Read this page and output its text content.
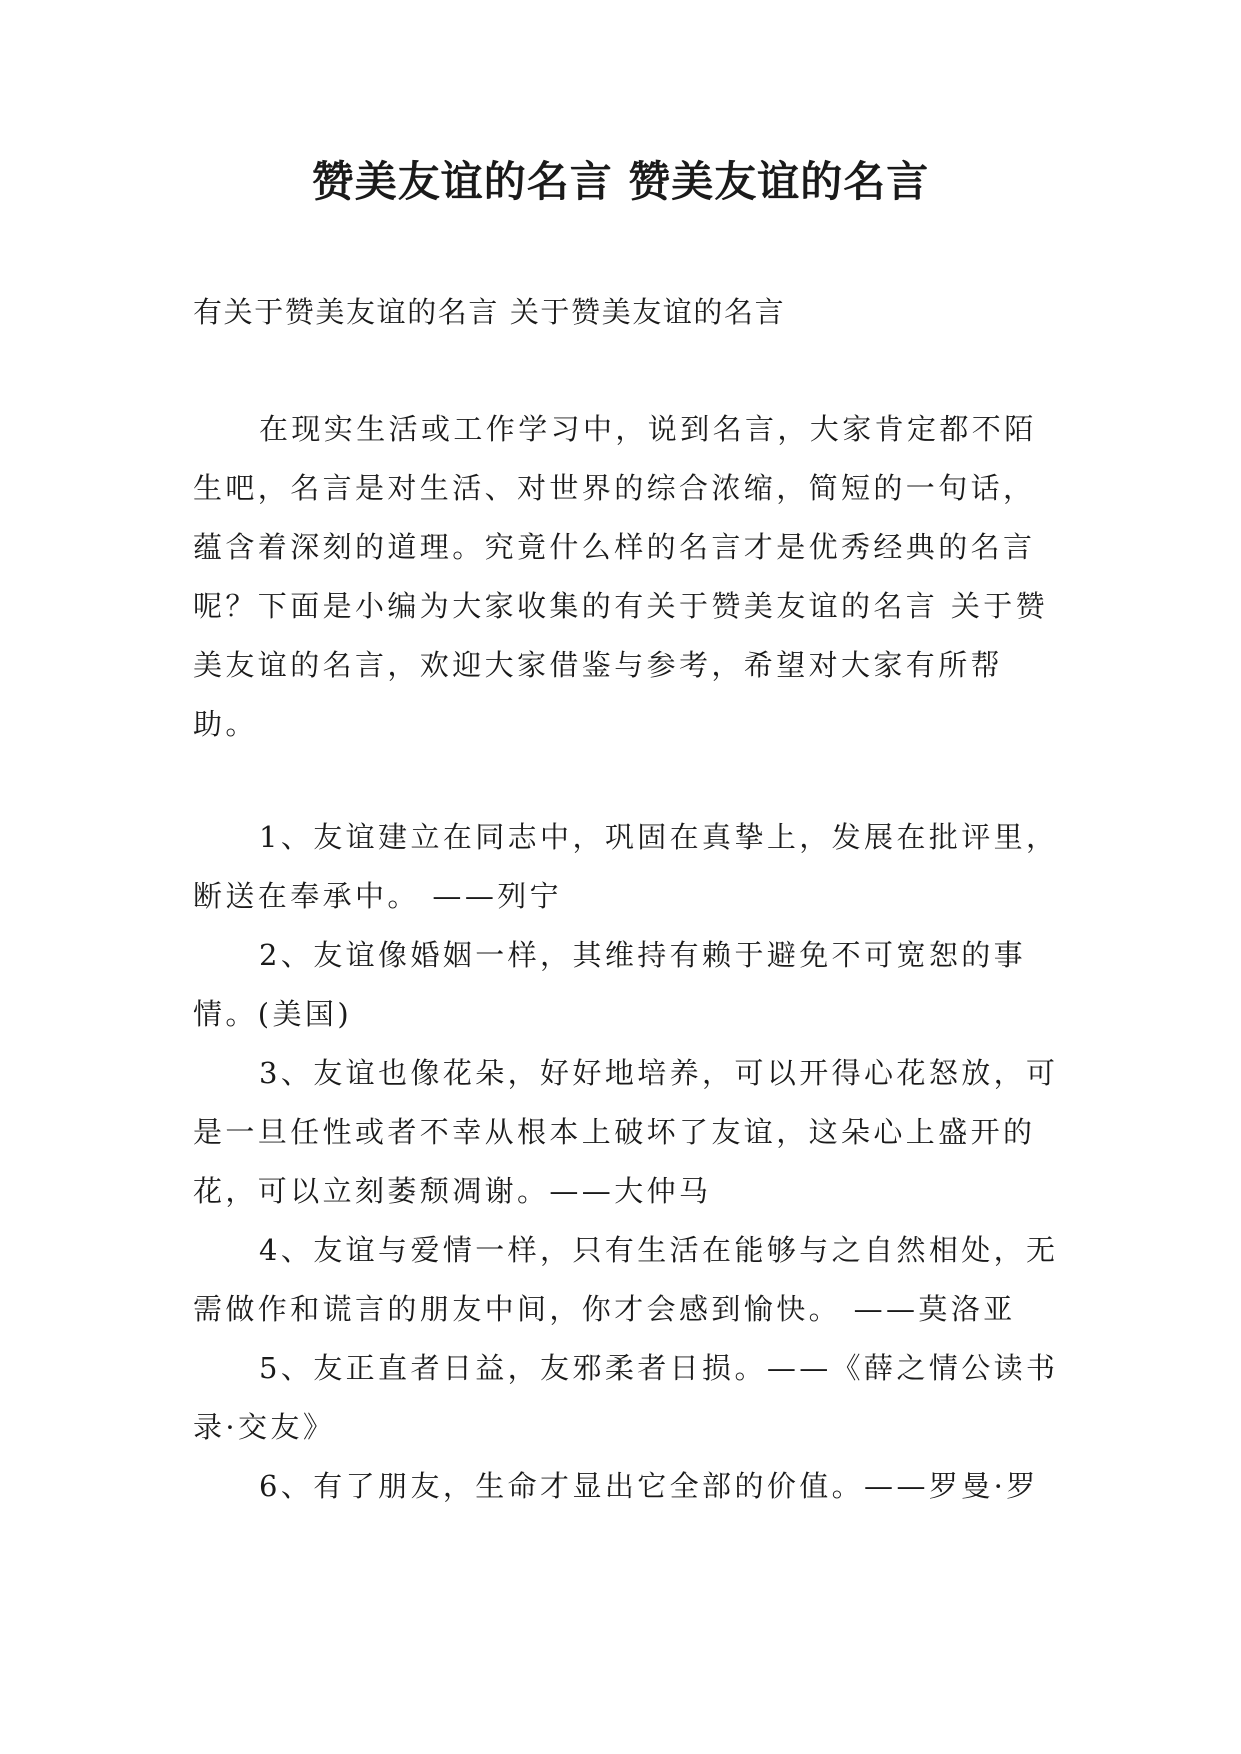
赞美友谊的名言 赞美友谊的名言

有关于赞美友谊的名言 关于赞美友谊的名言

在现实生活或工作学习中，说到名言，大家肯定都不陌生吧，名言是对生活、对世界的综合浓缩，简短的一句话，蕴含着深刻的道理。究竟什么样的名言才是优秀经典的名言呢？下面是小编为大家收集的有关于赞美友谊的名言 关于赞美友谊的名言，欢迎大家借鉴与参考，希望对大家有所帮助。

1、友谊建立在同志中，巩固在真挚上，发展在批评里，断送在奉承中。 ——列宁
2、友谊像婚姻一样，其维持有赖于避免不可宽恕的事情。(美国)
3、友谊也像花朵，好好地培养，可以开得心花怒放，可是一旦任性或者不幸从根本上破坏了友谊，这朵心上盛开的花，可以立刻萎颓凋谢。——大仲马
4、友谊与爱情一样，只有生活在能够与之自然相处，无需做作和谎言的朋友中间，你才会感到愉快。 ——莫洛亚
5、友正直者日益，友邪柔者日损。——《薛之情公读书录·交友》
6、有了朋友，生命才显出它全部的价值。——罗曼·罗
